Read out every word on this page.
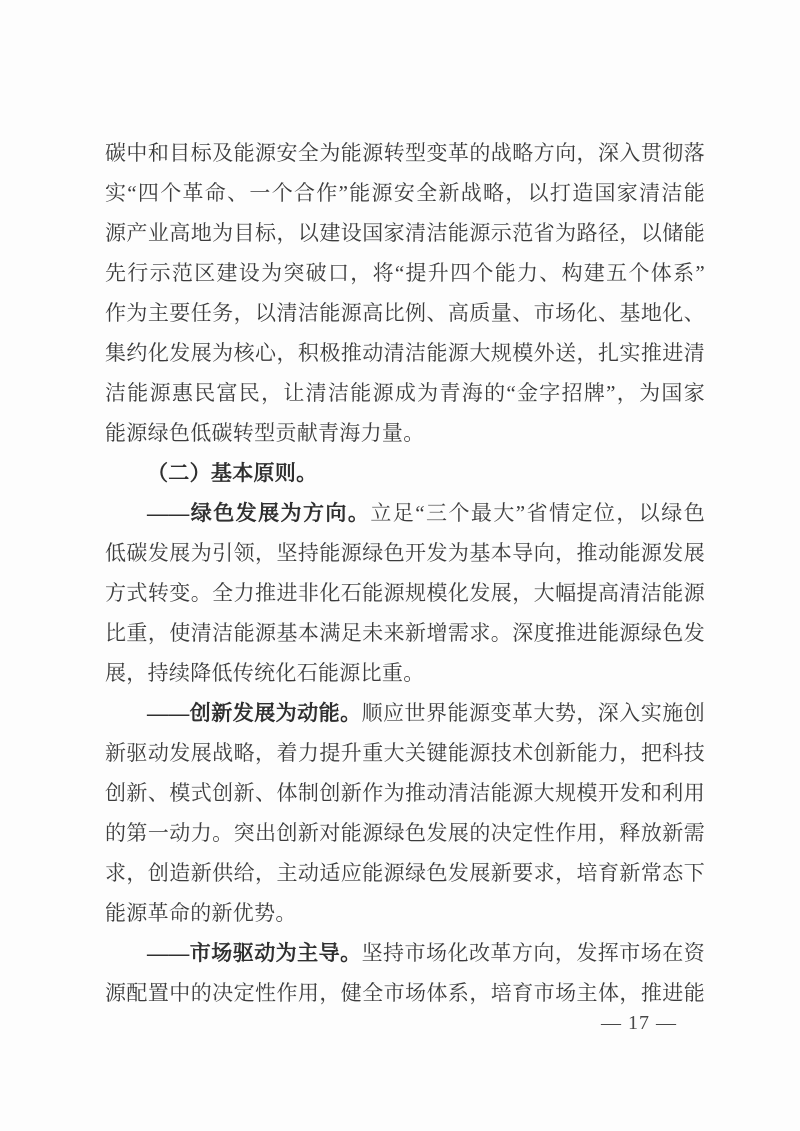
碳中和目标及能源安全为能源转型变革的战略方向，深入贯彻落
实“四个革命、一个合作”能源安全新战略，以打造国家清洁能
源产业高地为目标，以建设国家清洁能源示范省为路径，以储能
先行示范区建设为突破口，将“提升四个能力、构建五个体系”
作为主要任务，以清洁能源高比例、高质量、市场化、基地化、
集约化发展为核心，积极推动清洁能源大规模外送，扎实推进清
洁能源惠民富民，让清洁能源成为青海的“金字招牌”，为国家
能源绿色低碳转型贡献青海力量。
（二）基本原则。
——绿色发展为方向。立足“三个最大”省情定位，以绿色
低碳发展为引领，坚持能源绿色开发为基本导向，推动能源发展
方式转变。全力推进非化石能源规模化发展，大幅提高清洁能源
比重，使清洁能源基本满足未来新增需求。深度推进能源绿色发
展，持续降低传统化石能源比重。
——创新发展为动能。顺应世界能源变革大势，深入实施创
新驱动发展战略，着力提升重大关键能源技术创新能力，把科技
创新、模式创新、体制创新作为推动清洁能源大规模开发和利用
的第一动力。突出创新对能源绿色发展的决定性作用，释放新需
求，创造新供给，主动适应能源绿色发展新要求，培育新常态下
能源革命的新优势。
——市场驱动为主导。坚持市场化改革方向，发挥市场在资
源配置中的决定性作用，健全市场体系，培育市场主体，推进能
— 17 —
